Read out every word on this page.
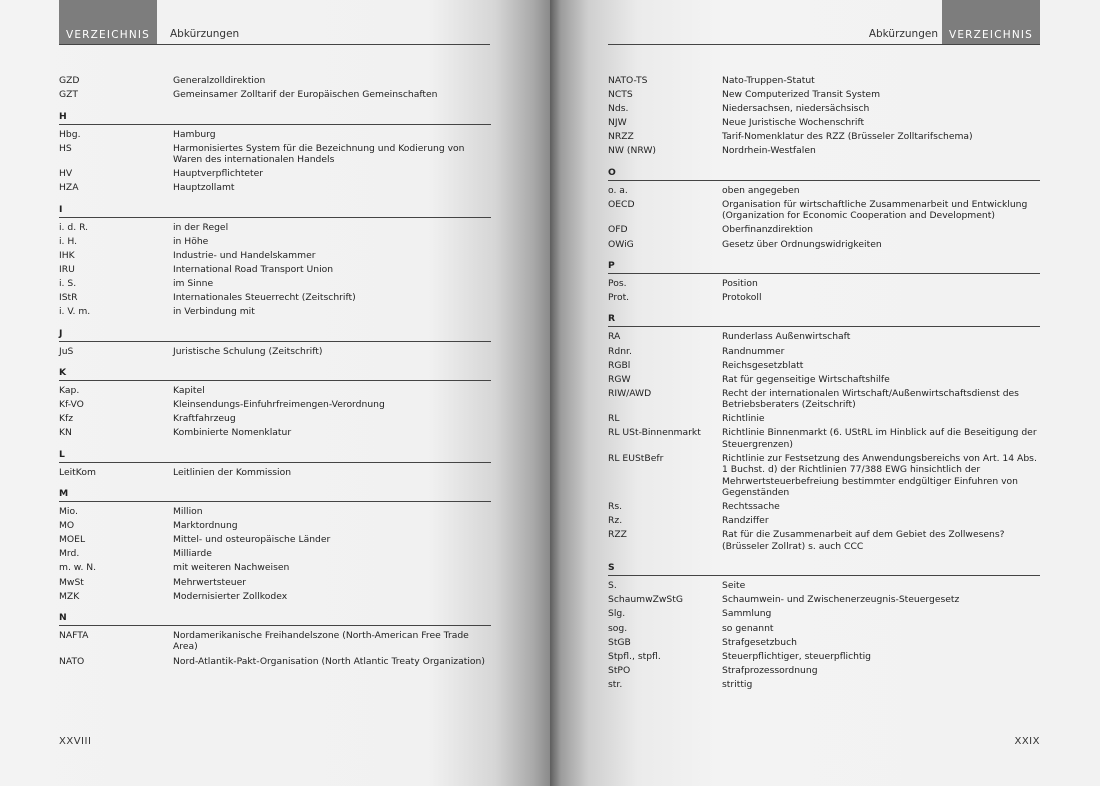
VERZEICHNIS	Abkürzungen
GZD	Generalzolldirektion
GZT	Gemeinsamer Zolltarif der Europäischen Gemeinschaften
H
Hbg.	Hamburg
HS	Harmonisiertes System für die Bezeichnung und Kodierung von Waren des internationalen Handels
HV	Hauptverpflichteter
HZA	Hauptzollamt
I
i. d. R.	in der Regel
i. H.	in Höhe
IHK	Industrie- und Handelskammer
IRU	International Road Transport Union
i. S.	im Sinne
IStR	Internationales Steuerrecht (Zeitschrift)
i. V. m.	in Verbindung mit
J
JuS	Juristische Schulung (Zeitschrift)
K
Kap.	Kapitel
Kf-VO	Kleinsendungs-Einfuhrfreimengen-Verordnung
Kfz	Kraftfahrzeug
KN	Kombinierte Nomenklatur
L
LeitKom	Leitlinien der Kommission
M
Mio.	Million
MO	Marktordnung
MOEL	Mittel- und osteuropäische Länder
Mrd.	Milliarde
m. w. N.	mit weiteren Nachweisen
MwSt	Mehrwertsteuer
MZK	Modernisierter Zollkodex
N
NAFTA	Nordamerikanische Freihandelszone (North-American Free Trade Area)
NATO	Nord-Atlantik-Pakt-Organisation (North Atlantic Treaty Organization)
XXVIII
VERZEICHNIS
Abkürzungen
NATO-TS	Nato-Truppen-Statut
NCTS	New Computerized Transit System
Nds.	Niedersachsen, niedersächsisch
NJW	Neue Juristische Wochenschrift
NRZZ	Tarif-Nomenklatur des RZZ (Brüsseler Zolltarifschema)
NW (NRW)	Nordrhein-Westfalen
O
o. a.	oben angegeben
OECD	Organisation für wirtschaftliche Zusammenarbeit und Entwicklung (Organization for Economic Cooperation and Development)
OFD	Oberfinanzdirektion
OWiG	Gesetz über Ordnungswidrigkeiten
P
Pos.	Position
Prot.	Protokoll
R
RA	Runderlass Außenwirtschaft
Rdnr.	Randnummer
RGBl	Reichsgesetzblatt
RGW	Rat für gegenseitige Wirtschaftshilfe
RIW/AWD	Recht der internationalen Wirtschaft/Außenwirtschaftsdienst des Betriebsberaters (Zeitschrift)
RL	Richtlinie
RL USt-Binnenmarkt	Richtlinie Binnenmarkt (6. UStRL im Hinblick auf die Beseitigung der Steuergrenzen)
RL EUStBefr	Richtlinie zur Festsetzung des Anwendungsbereichs von Art. 14 Abs. 1 Buchst. d) der Richtlinien 77/388 EWG hinsichtlich der Mehrwertsteuerbefreiung bestimmter endgültiger Einfuhren von Gegenständen
Rs.	Rechtssache
Rz.	Randziffer
RZZ	Rat für die Zusammenarbeit auf dem Gebiet des Zollwesens? (Brüsseler Zollrat) s. auch CCC
S
S.	Seite
SchaumwZwStG	Schaumwein- und Zwischenerzeugnis-Steuergesetz
Slg.	Sammlung
sog.	so genannt
StGB	Strafgesetzbuch
Stpfl., stpfl.	Steuerpflichtiger, steuerpflichtig
StPO	Strafprozessordnung
str.	strittig
XXIX
